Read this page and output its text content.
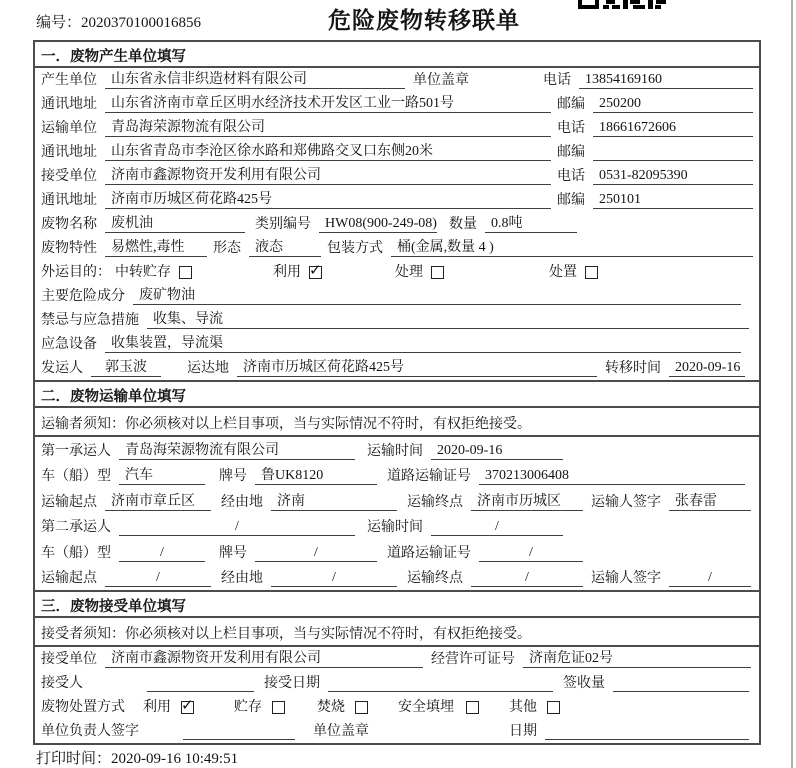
编号：2020370100016856	危险废物转移联单
一．废物产生单位填写
产生单位	山东省永信非织造材料有限公司	单位盖章	电话	13854169160
通讯地址	山东省济南市章丘区明水经济技术开发区工业一路501号	邮编	250200
运输单位	青岛海荣源物流有限公司	电话	18661672606
通讯地址	山东省青岛市李沧区徐水路和郑佛路交叉口东侧20米	邮编
接受单位	济南市鑫源物资开发利用有限公司	电话	0531-82095390
通讯地址	济南市历城区荷花路425号	邮编	250101
废物名称	废机油	类别编号	HW08(900-249-08) 数量	0.8吨
废物特性	易燃性,毒性	形态	液态	包装方式	桶(金属,数量 4 )
外运目的： 中转贮存	利用 ✓	处理	处置
主要危险成分	废矿物油
禁忌与应急措施	收集、导流
应急设备	收集装置，导流渠
发运人	郭玉波	运达地	济南市历城区荷花路425号	转移时间	2020-09-16
二．废物运输单位填写
运输者须知：你必须核对以上栏目事项，当与实际情况不符时，有权拒绝接受。
第一承运人	青岛海荣源物流有限公司	运输时间	2020-09-16
车（船）型	汽车	牌号	鲁UK8120	道路运输证号	370213006408
运输起点	济南市章丘区	经由地	济南	运输终点	济南市历城区	运输人签字	张春雷
第二承运人	/	运输时间	/
车（船）型	/	牌号	/	道路运输证号	/
运输起点	/	经由地	/	运输终点	/	运输人签字	/
三．废物接受单位填写
接受者须知：你必须核对以上栏目事项，当与实际情况不符时，有权拒绝接受。
接受单位	济南市鑫源物资开发利用有限公司	经营许可证号	济南危证02号
接受人	接受日期	签收量
废物处置方式 利用 ✓	贮存	焚烧	安全填埋	其他
单位负责人签字	单位盖章	日期
打印时间：2020-09-16 10:49:51
